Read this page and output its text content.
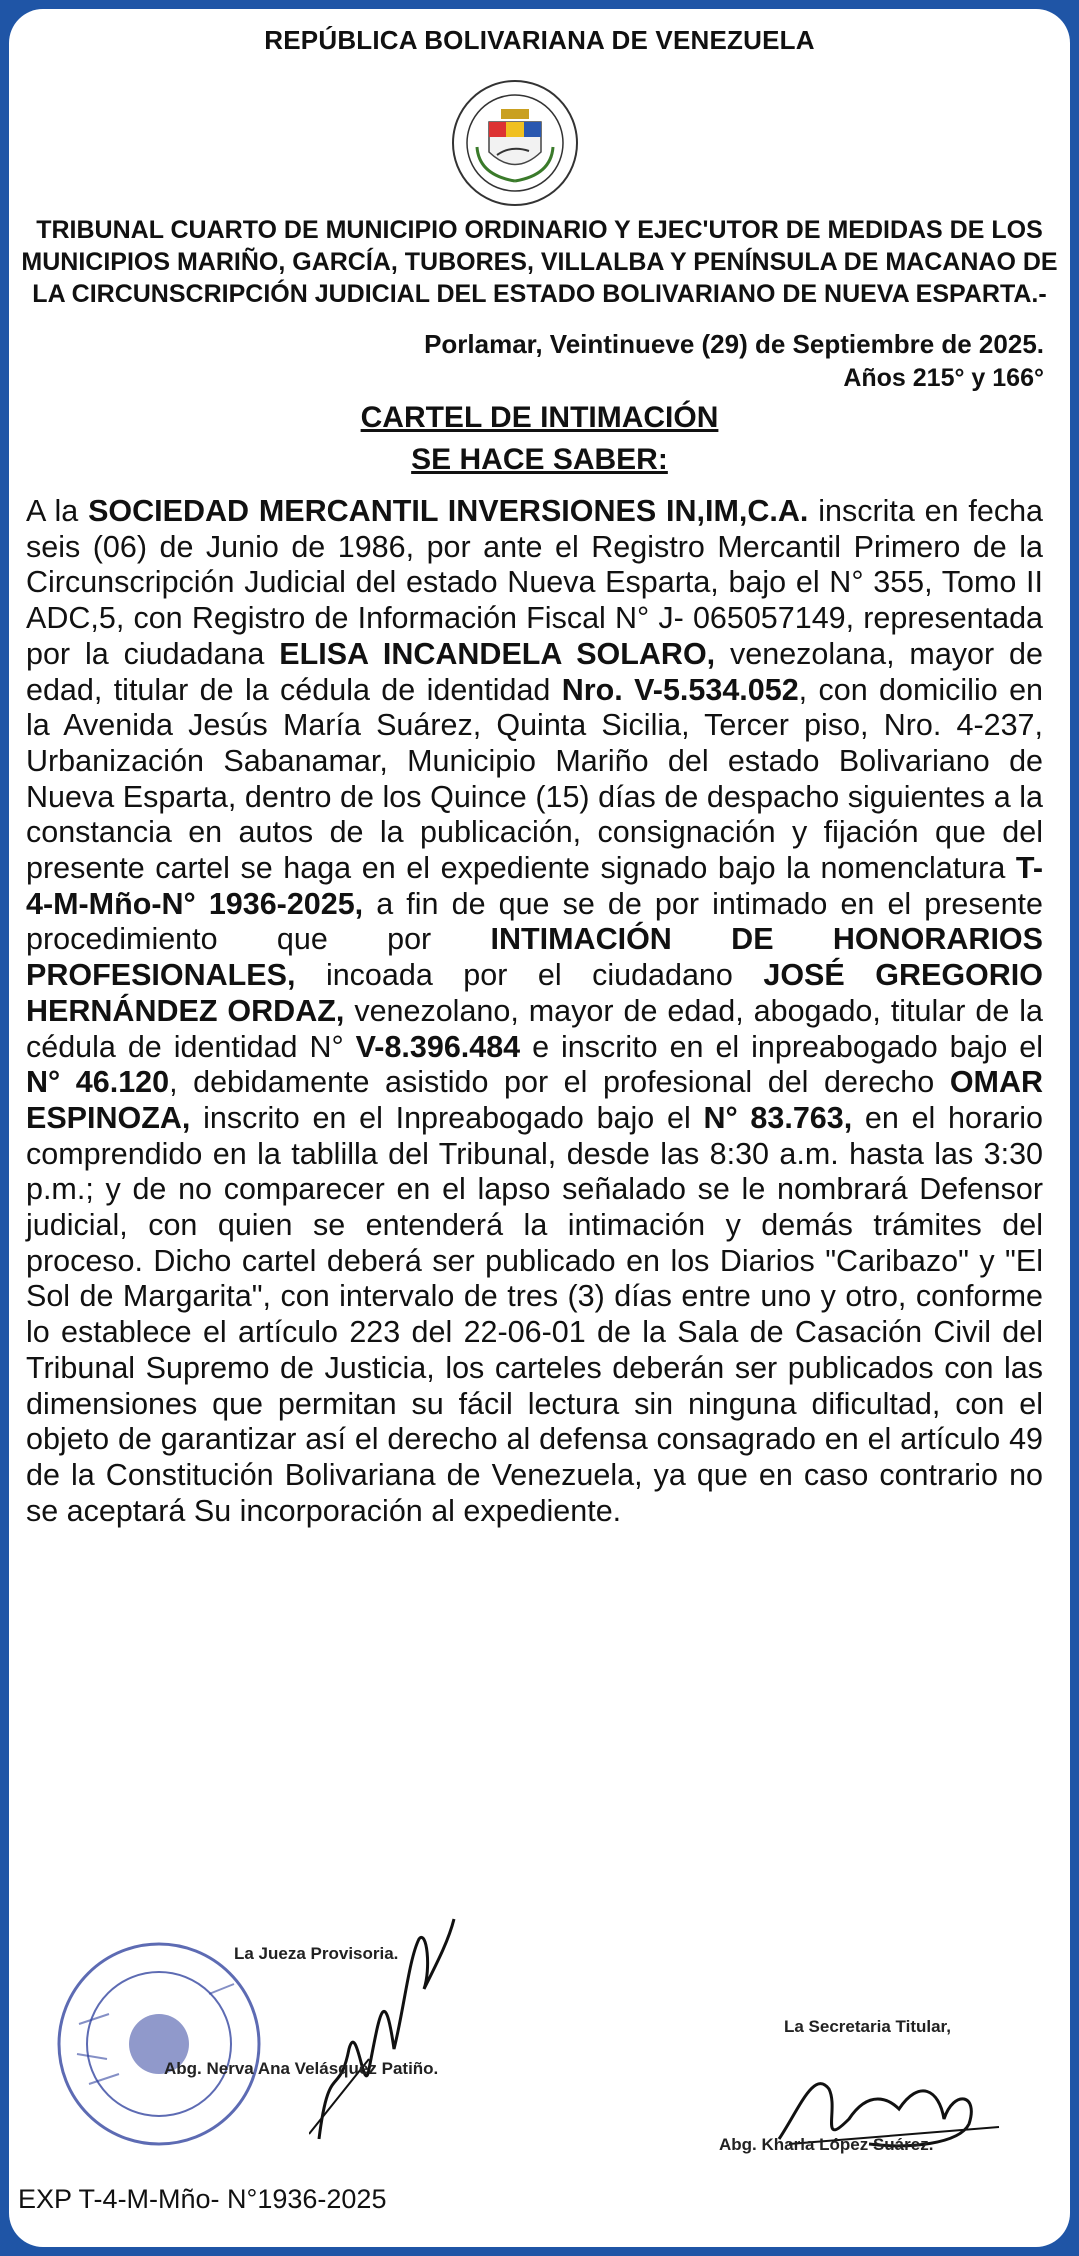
REPÚBLICA BOLIVARIANA DE VENEZUELA
TRIBUNAL CUARTO DE MUNICIPIO ORDINARIO Y EJEC'UTOR DE MEDIDAS DE LOS MUNICIPIOS MARIÑO, GARCÍA, TUBORES, VILLALBA Y PENÍNSULA DE MACANAO DE LA CIRCUNSCRIPCIÓN JUDICIAL DEL ESTADO BOLIVARIANO DE NUEVA ESPARTA.-
Porlamar, Veintinueve (29) de Septiembre de 2025.
Años 215° y 166°
CARTEL DE INTIMACIÓN
SE HACE SABER:
A la SOCIEDAD MERCANTIL INVERSIONES IN,IM,C.A. inscrita en fecha seis (06) de Junio de 1986, por ante el Registro Mercantil Primero de la Circunscripción Judicial del estado Nueva Esparta, bajo el N° 355, Tomo II ADC,5, con Registro de Información Fiscal N° J- 065057149, representada por la ciudadana ELISA INCANDELA SOLARO, venezolana, mayor de edad, titular de la cédula de identidad Nro. V-5.534.052, con domicilio en la Avenida Jesús María Suárez, Quinta Sicilia, Tercer piso, Nro. 4-237, Urbanización Sabanamar, Municipio Mariño del estado Bolivariano de Nueva Esparta, dentro de los Quince (15) días de despacho siguientes a la constancia en autos de la publicación, consignación y fijación que del presente cartel se haga en el expediente signado bajo la nomenclatura T-4-M-Mño-N° 1936-2025, a fin de que se de por intimado en el presente procedimiento que por INTIMACIÓN DE HONORARIOS PROFESIONALES, incoada por el ciudadano JOSÉ GREGORIO HERNÁNDEZ ORDAZ, venezolano, mayor de edad, abogado, titular de la cédula de identidad N° V-8.396.484 e inscrito en el inpreabogado bajo el N° 46.120, debidamente asistido por el profesional del derecho OMAR ESPINOZA, inscrito en el Inpreabogado bajo el N° 83.763, en el horario comprendido en la tablilla del Tribunal, desde las 8:30 a.m. hasta las 3:30 p.m.; y de no comparecer en el lapso señalado se le nombrará Defensor judicial, con quien se entenderá la intimación y demás trámites del proceso. Dicho cartel deberá ser publicado en los Diarios "Caribazo" y "El Sol de Margarita", con intervalo de tres (3) días entre uno y otro, conforme lo establece el artículo 223 del 22-06-01 de la Sala de Casación Civil del Tribunal Supremo de Justicia, los carteles deberán ser publicados con las dimensiones que permitan su fácil lectura sin ninguna dificultad, con el objeto de garantizar así el derecho al defensa consagrado en el artículo 49 de la Constitución Bolivariana de Venezuela, ya que en caso contrario no se aceptará Su incorporación al expediente.
La Jueza Provisoria.
Abg. Nerva Ana Velásquez Patiño.
La Secretaria Titular,
Abg. Kharla López Suárez.
EXP T-4-M-Mño- N°1936-2025
